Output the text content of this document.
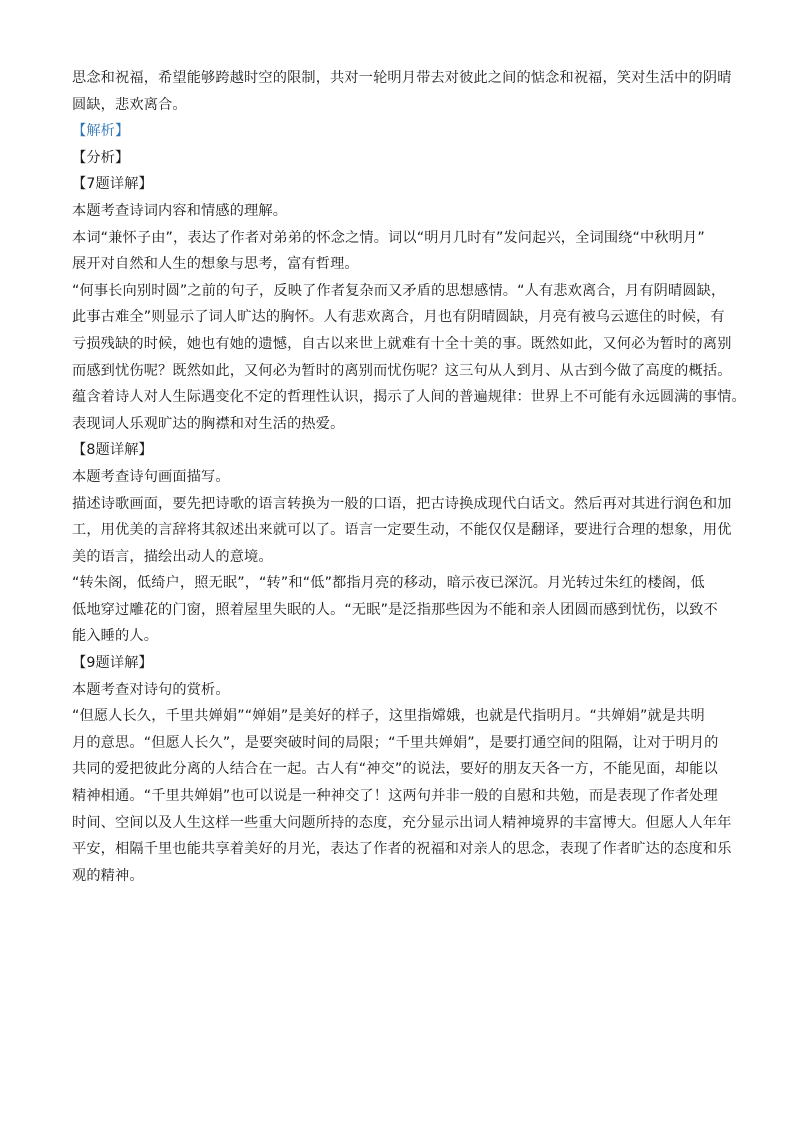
思念和祝福，希望能够跨越时空的限制，共对一轮明月带去对彼此之间的惦念和祝福，笑对生活中的阴晴
圆缺，悲欢离合。
【解析】
【分析】
【7题详解】
本题考查诗词内容和情感的理解。
本词“兼怀子由”，表达了作者对弟弟的怀念之情。词以“明月几时有”发问起兴，全词围绕“中秋明月”
展开对自然和人生的想象与思考，富有哲理。
“何事长向别时圆”之前的句子，反映了作者复杂而又矛盾的思想感情。“人有悲欢离合，月有阴晴圆缺，
此事古难全”则显示了词人旷达的胸怀。人有悲欢离合，月也有阴晴圆缺，月亮有被乌云遮住的时候，有
亏损残缺的时候，她也有她的遗憾，自古以来世上就难有十全十美的事。既然如此，又何必为暂时的离别
而感到忧伤呢？既然如此，又何必为暂时的离别而忧伤呢？这三句从人到月、从古到今做了高度的概括。
蕴含着诗人对人生际遇变化不定的哲理性认识，揭示了人间的普遍规律：世界上不可能有永远圆满的事情。
表现词人乐观旷达的胸襟和对生活的热爱。
【8题详解】
本题考查诗句画面描写。
描述诗歌画面，要先把诗歌的语言转换为一般的口语，把古诗换成现代白话文。然后再对其进行润色和加
工，用优美的言辞将其叙述出来就可以了。语言一定要生动，不能仅仅是翻译，要进行合理的想象，用优
美的语言，描绘出动人的意境。
“转朱阁，低绮户，照无眠”，“转”和“低”都指月亮的移动，暗示夜已深沉。月光转过朱红的楼阁，低
低地穿过雕花的门窗，照着屋里失眠的人。“无眠”是泛指那些因为不能和亲人团圆而感到忧伤，以致不
能入睡的人。
【9题详解】
本题考查对诗句的赏析。
“但愿人长久，千里共婵娟”“婵娟”是美好的样子，这里指嫦娥，也就是代指明月。“共婵娟”就是共明
月的意思。“但愿人长久”，是要突破时间的局限；“千里共婵娟”，是要打通空间的阻隔，让对于明月的
共同的爱把彼此分离的人结合在一起。古人有“神交”的说法，要好的朋友天各一方，不能见面，却能以
精神相通。“千里共婵娟”也可以说是一种神交了！这两句并非一般的自慰和共勉，而是表现了作者处理
时间、空间以及人生这样一些重大问题所持的态度，充分显示出词人精神境界的丰富博大。但愿人人年年
平安，相隔千里也能共享着美好的月光，表达了作者的祝福和对亲人的思念，表现了作者旷达的态度和乐
观的精神。
